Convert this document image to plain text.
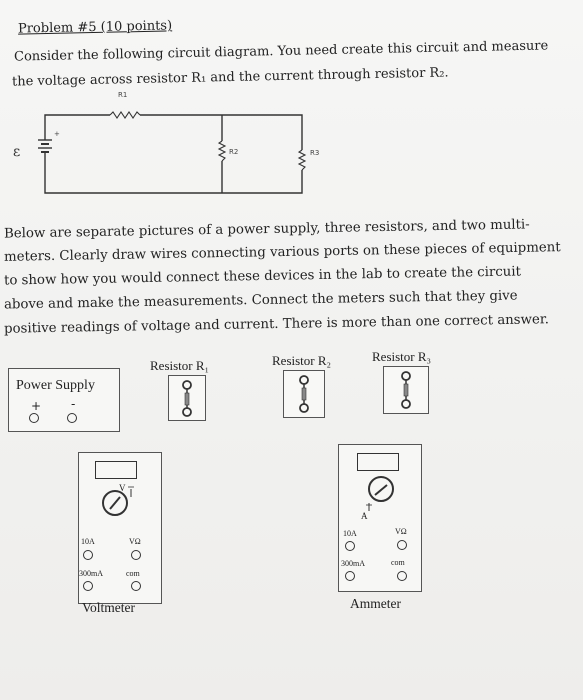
Problem #5 (10 points)
Consider the following circuit diagram. You need create this circuit and measure
the voltage across resistor R₁ and the current through resistor R₂.
+
ε
R1
R2	R3
Below are separate pictures of a power supply, three resistors, and two multi-
meters. Clearly draw wires connecting various ports on these pieces of equipment
to show how you would connect these devices in the lab to create the circuit
above and make the measurements. Connect the meters such that they give
positive readings of voltage and current. There is more than one correct answer.
Resistor R₁	Resistor R₂	Resistor R₃
Power Supply
+ -
V
10A	VΩ
300mA	com
Voltmeter
A
10A	VΩ
300mA	com
Ammeter
